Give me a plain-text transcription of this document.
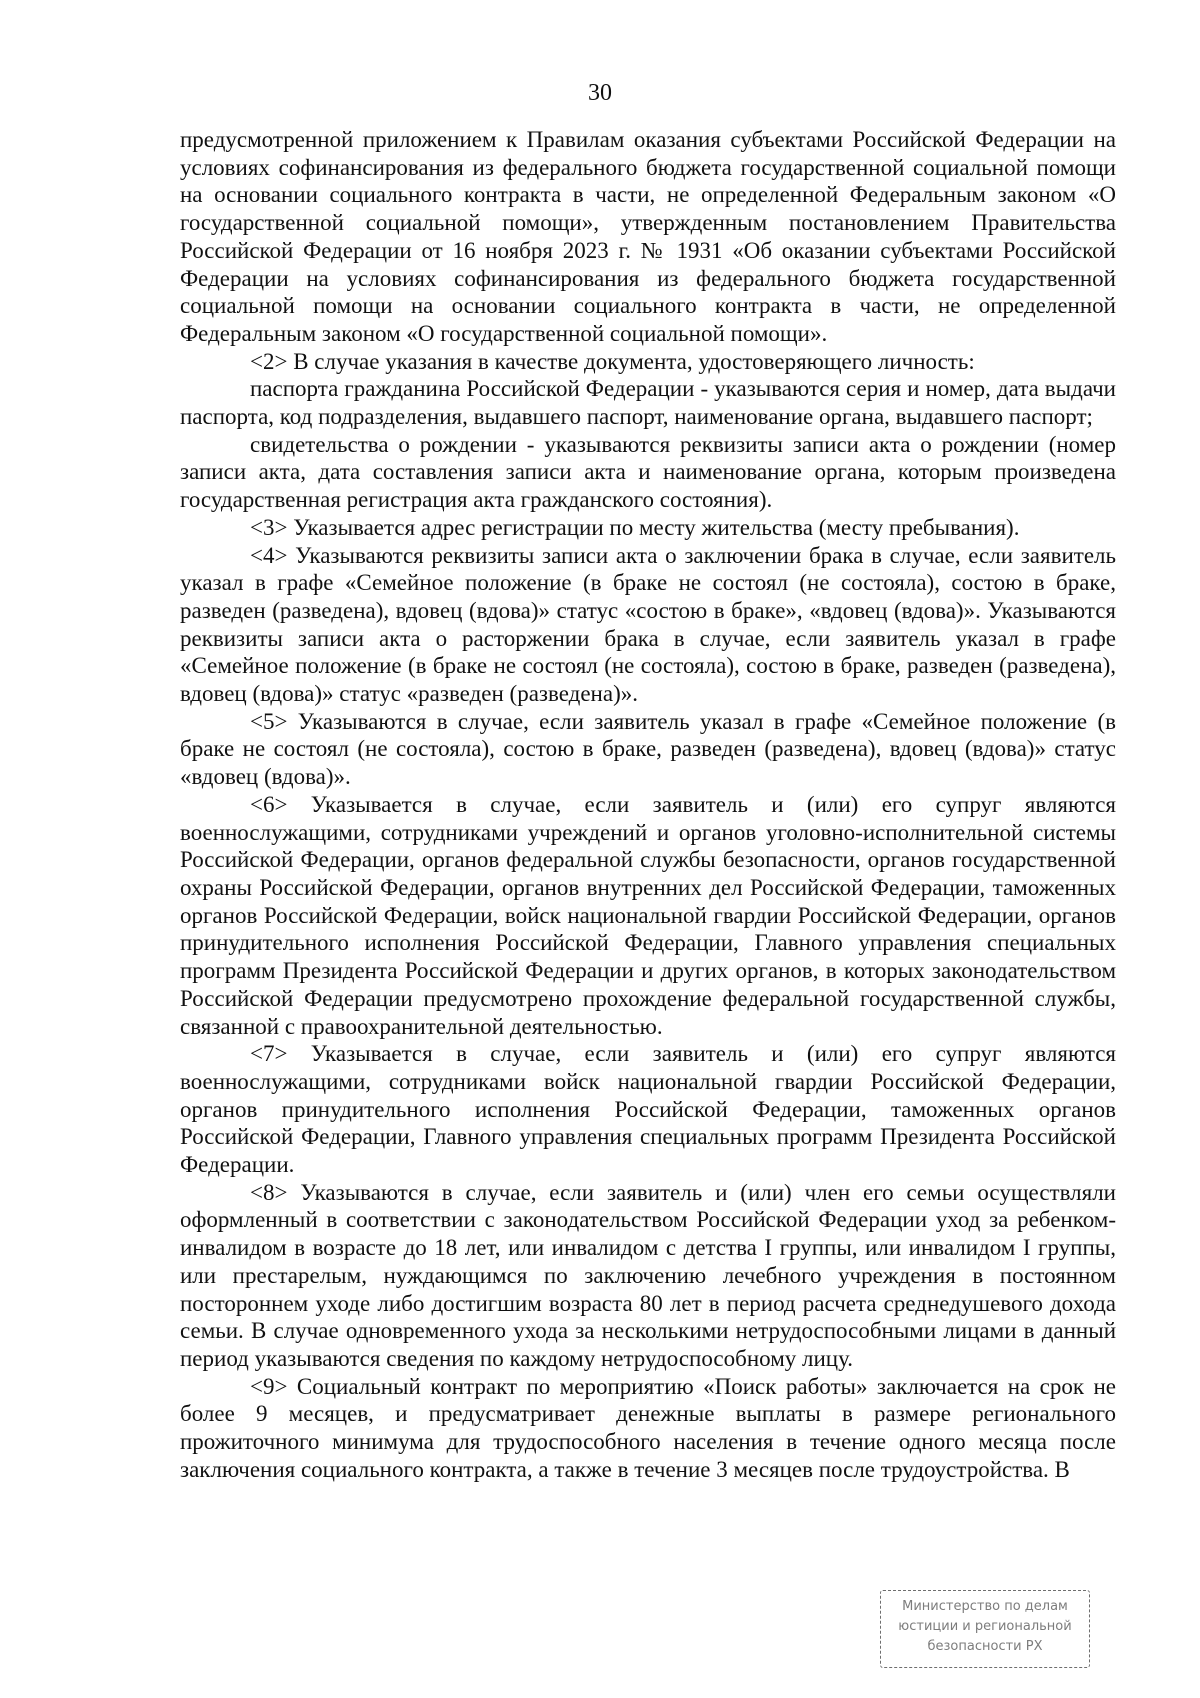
30

предусмотренной приложением к Правилам оказания субъектами Российской Федерации на условиях софинансирования из федерального бюджета государственной социальной помощи на основании социального контракта в части, не определенной Федеральным законом «О государственной социальной помощи», утвержденным постановлением Правительства Российской Федерации от 16 ноября 2023 г. № 1931 «Об оказании субъектами Российской Федерации на условиях софинансирования из федерального бюджета государственной социальной помощи на основании социального контракта в части, не определенной Федеральным законом «О государственной социальной помощи».

<2> В случае указания в качестве документа, удостоверяющего личность:

паспорта гражданина Российской Федерации - указываются серия и номер, дата выдачи паспорта, код подразделения, выдавшего паспорт, наименование органа, выдавшего паспорт;

свидетельства о рождении - указываются реквизиты записи акта о рождении (номер записи акта, дата составления записи акта и наименование органа, которым произведена государственная регистрация акта гражданского состояния).

<3> Указывается адрес регистрации по месту жительства (месту пребывания).

<4> Указываются реквизиты записи акта о заключении брака в случае, если заявитель указал в графе «Семейное положение (в браке не состоял (не состояла), состою в браке, разведен (разведена), вдовец (вдова)» статус «состою в браке», «вдовец (вдова)». Указываются реквизиты записи акта о расторжении брака в случае, если заявитель указал в графе «Семейное положение (в браке не состоял (не состояла), состою в браке, разведен (разведена), вдовец (вдова)» статус «разведен (разведена)».

<5> Указываются в случае, если заявитель указал в графе «Семейное положение (в браке не состоял (не состояла), состою в браке, разведен (разведена), вдовец (вдова)» статус «вдовец (вдова)».

<6> Указывается в случае, если заявитель и (или) его супруг являются военнослужащими, сотрудниками учреждений и органов уголовно-исполнительной системы Российской Федерации, органов федеральной службы безопасности, органов государственной охраны Российской Федерации, органов внутренних дел Российской Федерации, таможенных органов Российской Федерации, войск национальной гвардии Российской Федерации, органов принудительного исполнения Российской Федерации, Главного управления специальных программ Президента Российской Федерации и других органов, в которых законодательством Российской Федерации предусмотрено прохождение федеральной государственной службы, связанной с правоохранительной деятельностью.

<7> Указывается в случае, если заявитель и (или) его супруг являются военнослужащими, сотрудниками войск национальной гвардии Российской Федерации, органов принудительного исполнения Российской Федерации, таможенных органов Российской Федерации, Главного управления специальных программ Президента Российской Федерации.

<8> Указываются в случае, если заявитель и (или) член его семьи осуществляли оформленный в соответствии с законодательством Российской Федерации уход за ребенком-инвалидом в возрасте до 18 лет, или инвалидом с детства I группы, или инвалидом I группы, или престарелым, нуждающимся по заключению лечебного учреждения в постоянном постороннем уходе либо достигшим возраста 80 лет в период расчета среднедушевого дохода семьи. В случае одновременного ухода за несколькими нетрудоспособными лицами в данный период указываются сведения по каждому нетрудоспособному лицу.

<9> Социальный контракт по мероприятию «Поиск работы» заключается на срок не более 9 месяцев, и предусматривает денежные выплаты в размере регионального прожиточного минимума для трудоспособного населения в течение одного месяца после заключения социального контракта, а также в течение 3 месяцев после трудоустройства. В

Министерство по делам
юстиции и региональной
безопасности РХ
